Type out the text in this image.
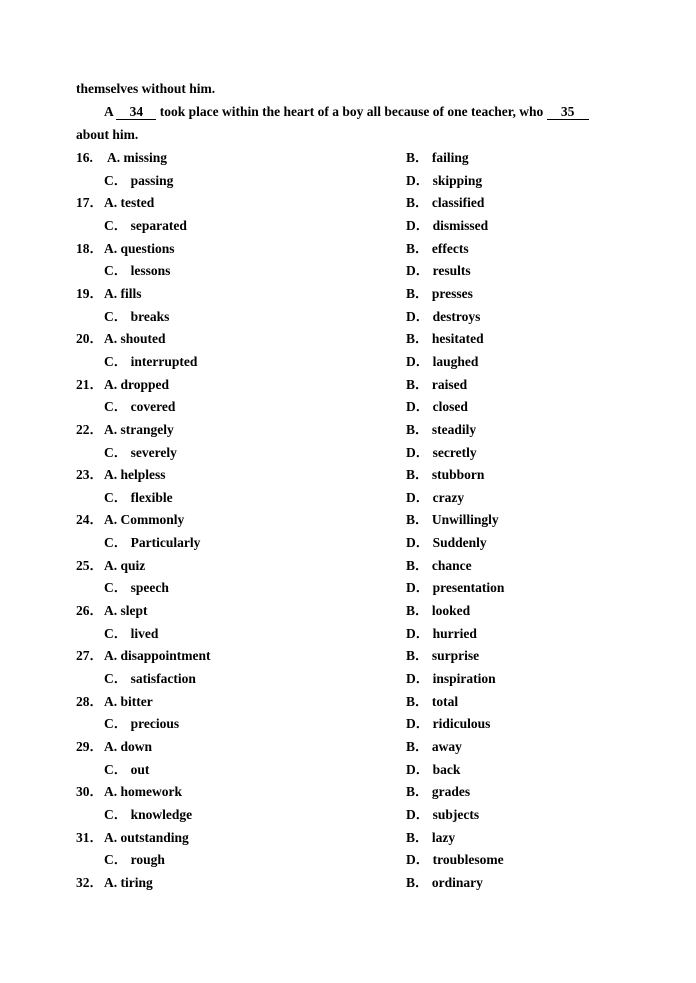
themselves without him.
A 34 took place within the heart of a boy all because of one teacher, who 35
about him.
16. A. missing	B． failing
C． passing	D． skipping
17． A. tested	B． classified
C． separated	D． dismissed
18． A. questions	B． effects
C． lessons	D． results
19． A. fills	B． presses
C． breaks	D． destroys
20． A. shouted	B． hesitated
C． interrupted	D． laughed
21． A. dropped	B． raised
C． covered	D． closed
22． A. strangely	B． steadily
C． severely	D． secretly
23． A. helpless	B． stubborn
C． flexible	D． crazy
24． A. Commonly	B． Unwillingly
C． Particularly	D． Suddenly
25． A. quiz	B． chance
C． speech	D． presentation
26． A. slept	B． looked
C． lived	D． hurried
27． A. disappointment	B． surprise
C． satisfaction	D． inspiration
28． A. bitter	B． total
C． precious	D． ridiculous
29． A. down	B． away
C． out	D． back
30． A. homework	B． grades
C． knowledge	D． subjects
31． A. outstanding	B． lazy
C． rough	D． troublesome
32． A. tiring	B． ordinary
